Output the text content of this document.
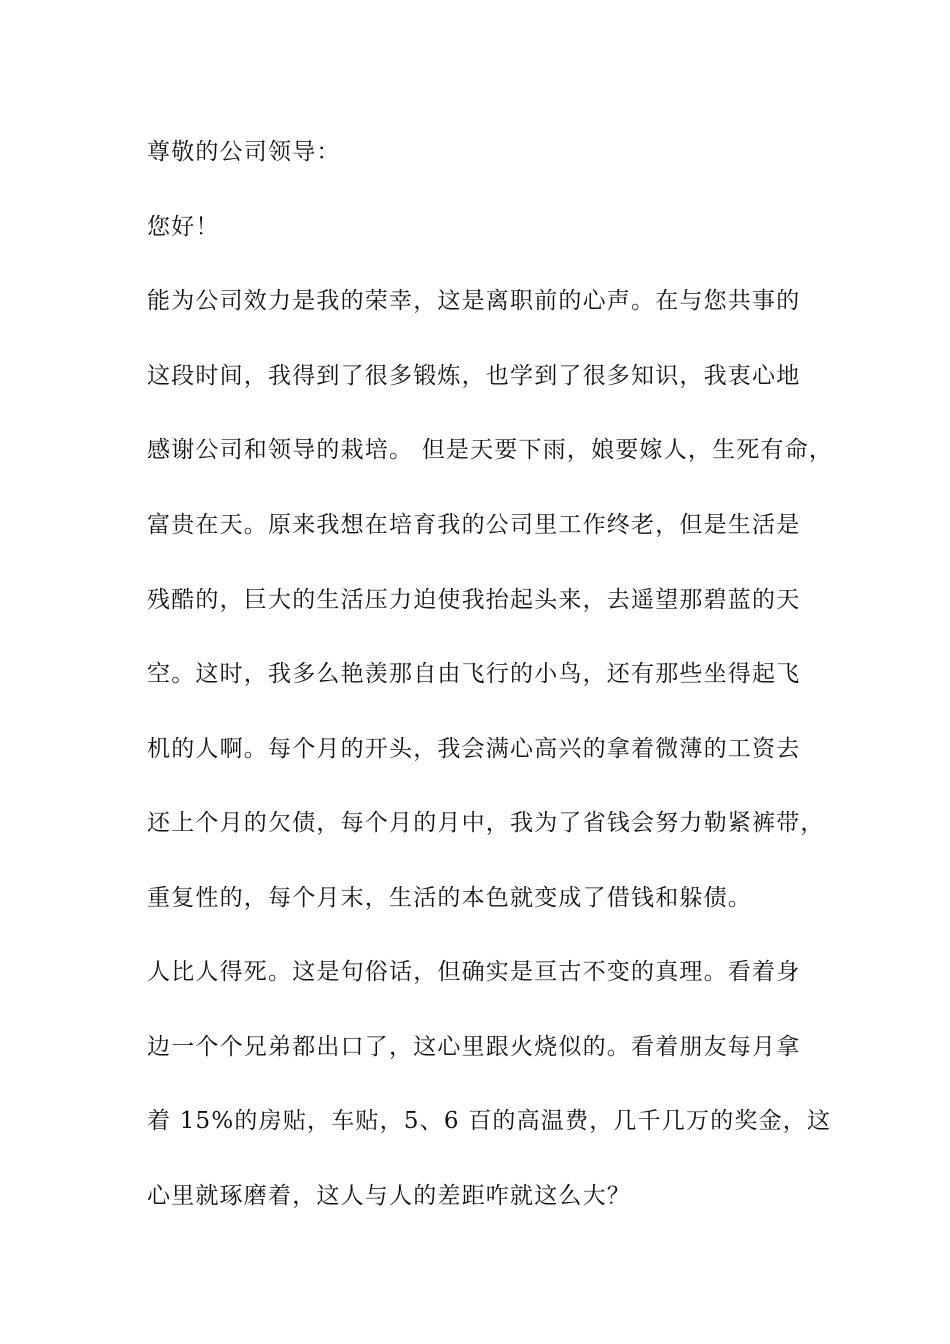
尊敬的公司领导：
您好！
能为公司效力是我的荣幸，这是离职前的心声。在与您共事的
这段时间，我得到了很多锻炼，也学到了很多知识，我衷心地
感谢公司和领导的栽培。 但是天要下雨，娘要嫁人，生死有命，
富贵在天。原来我想在培育我的公司里工作终老，但是生活是
残酷的，巨大的生活压力迫使我抬起头来，去遥望那碧蓝的天
空。这时，我多么艳羡那自由飞行的小鸟，还有那些坐得起飞
机的人啊。每个月的开头，我会满心高兴的拿着微薄的工资去
还上个月的欠债，每个月的月中，我为了省钱会努力勒紧裤带，
重复性的，每个月末，生活的本色就变成了借钱和躲债。
人比人得死。这是句俗话，但确实是亘古不变的真理。看着身
边一个个兄弟都出口了，这心里跟火烧似的。看着朋友每月拿
着 15%的房贴，车贴，5、6 百的高温费，几千几万的奖金，这
心里就琢磨着，这人与人的差距咋就这么大？
